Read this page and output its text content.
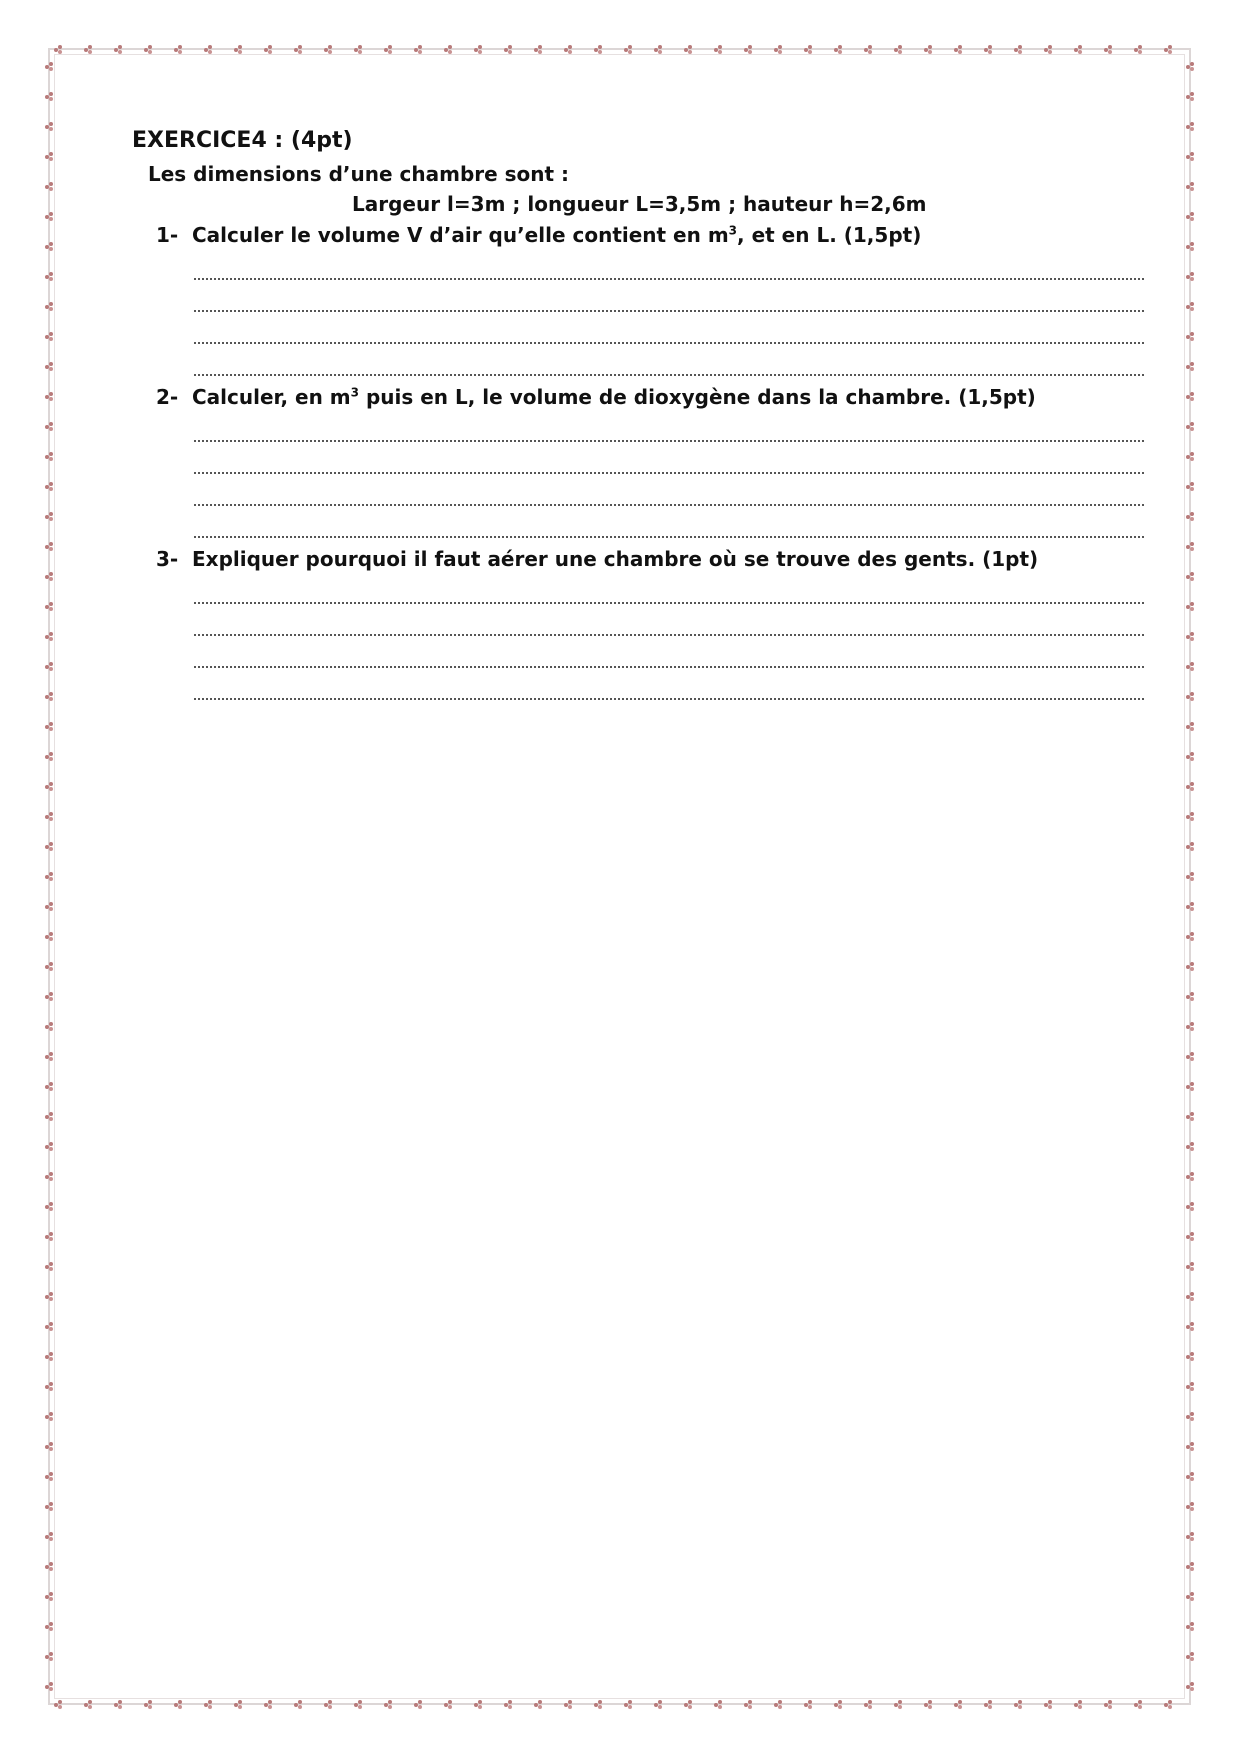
EXERCICE4 : (4pt)

Les dimensions d’une chambre sont :

Largeur l=3m ; longueur L=3,5m ; hauteur h=2,6m

1- Calculer le volume V d’air qu’elle contient en $m^3$, et en L. (1,5pt)
2- Calculer, en $m^3$ puis en L, le volume de dioxygène dans la chambre. (1,5pt)
3- Expliquer pourquoi il faut aérer une chambre où se trouve des gents. (1pt)
